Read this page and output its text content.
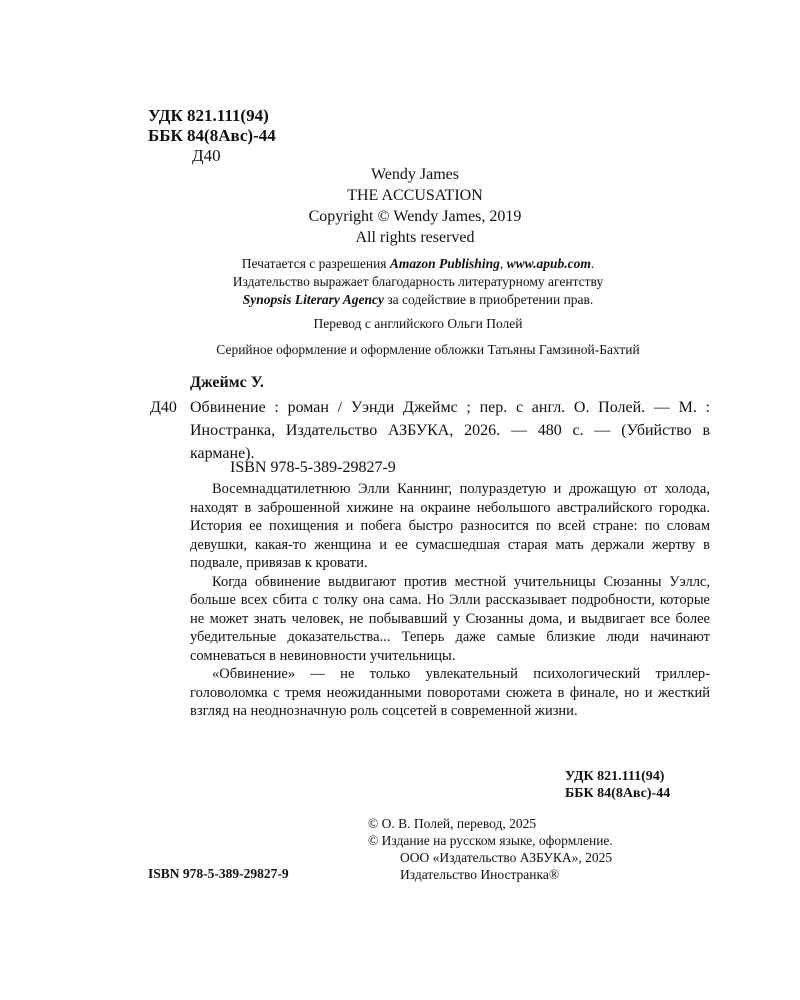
УДК 821.111(94)
ББК 84(8Авс)-44
Д40
Wendy James
THE ACCUSATION
Copyright © Wendy James, 2019
All rights reserved
Печатается с разрешения Amazon Publishing, www.apub.com.
Издательство выражает благодарность литературному агентству
Synopsis Literary Agency за содействие в приобретении прав.
Перевод с английского Ольги Полей
Серийное оформление и оформление обложки Татьяны Гамзиной-Бахтий
Джеймс У.
Д40 Обвинение : роман / Уэнди Джеймс ; пер. с англ. О. Полей. — М. : Иностранка, Издательство АЗБУКА, 2026. — 480 с. — (Убийство в кармане).
ISBN 978-5-389-29827-9

Восемнадцатилетнюю Элли Каннинг, полураздетую и дрожащую от холода, находят в заброшенной хижине на окраине небольшого австралийского городка. История ее похищения и побега быстро разносится по всей стране: по словам девушки, какая-то женщина и ее сумасшедшая старая мать держали жертву в подвале, привязав к кровати.

Когда обвинение выдвигают против местной учительницы Сюзанны Уэллс, больше всех сбита с толку она сама. Но Элли рассказывает подробности, которые не может знать человек, не побывавший у Сюзанны дома, и выдвигает все более убедительные доказательства... Теперь даже самые близкие люди начинают сомневаться в невиновности учительницы.

«Обвинение» — не только увлекательный психологический триллер-головоломка с тремя неожиданными поворотами сюжета в финале, но и жесткий взгляд на неоднозначную роль соцсетей в современной жизни.

УДК 821.111(94)
ББК 84(8Авс)-44
© О. В. Полей, перевод, 2025
© Издание на русском языке, оформление.
ООО «Издательство АЗБУКА», 2025
Издательство Иностранка®
ISBN 978-5-389-29827-9
